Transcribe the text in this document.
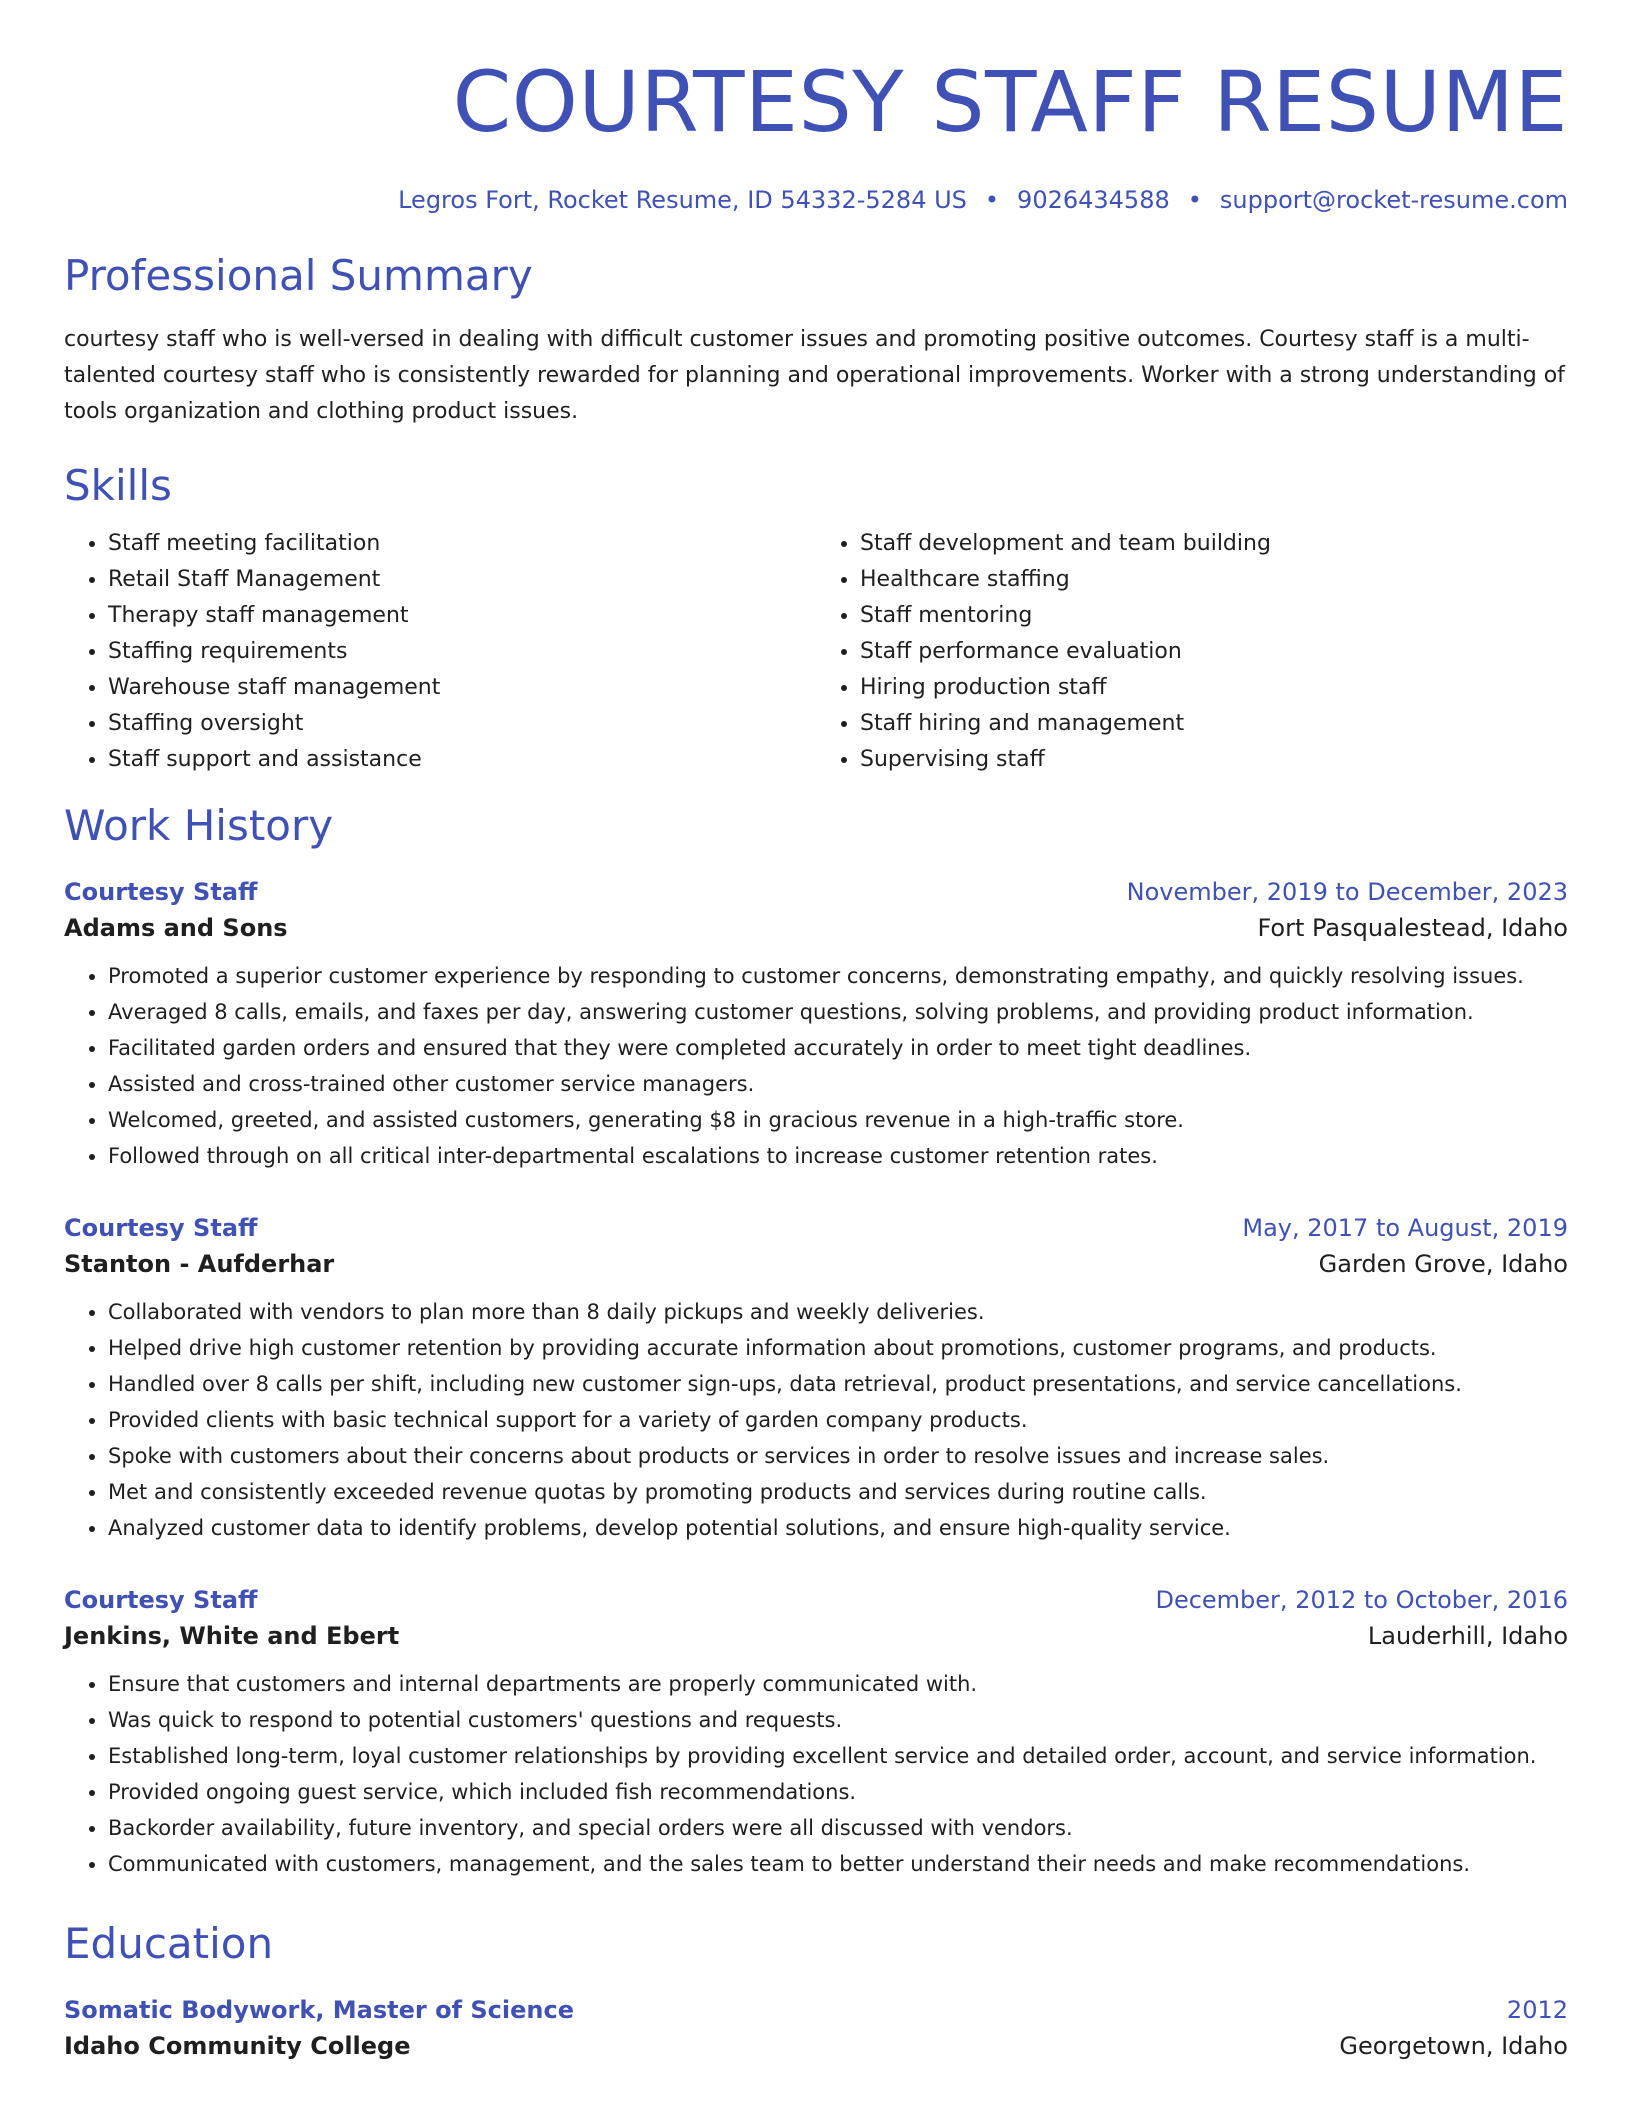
COURTESY STAFF RESUME
Legros Fort, Rocket Resume, ID 54332-5284 US • 9026434588 • support@rocket-resume.com
Professional Summary

courtesy staff who is well-versed in dealing with difficult customer issues and promoting positive outcomes. Courtesy staff is a multi-talented courtesy staff who is consistently rewarded for planning and operational improvements. Worker with a strong understanding of tools organization and clothing product issues.

Skills
• Staff meeting facilitation
• Retail Staff Management
• Therapy staff management
• Staffing requirements
• Warehouse staff management
• Staffing oversight
• Staff support and assistance
• Staff development and team building
• Healthcare staffing
• Staff mentoring
• Staff performance evaluation
• Hiring production staff
• Staff hiring and management
• Supervising staff
Work History
Courtesy Staff	November, 2019 to December, 2023
Adams and Sons	Fort Pasqualestead, Idaho
• Promoted a superior customer experience by responding to customer concerns, demonstrating empathy, and quickly resolving issues.
• Averaged 8 calls, emails, and faxes per day, answering customer questions, solving problems, and providing product information.
• Facilitated garden orders and ensured that they were completed accurately in order to meet tight deadlines.
• Assisted and cross-trained other customer service managers.
• Welcomed, greeted, and assisted customers, generating $8 in gracious revenue in a high-traffic store.
• Followed through on all critical inter-departmental escalations to increase customer retention rates.
Courtesy Staff	May, 2017 to August, 2019
Stanton - Aufderhar	Garden Grove, Idaho
• Collaborated with vendors to plan more than 8 daily pickups and weekly deliveries.
• Helped drive high customer retention by providing accurate information about promotions, customer programs, and products.
• Handled over 8 calls per shift, including new customer sign-ups, data retrieval, product presentations, and service cancellations.
• Provided clients with basic technical support for a variety of garden company products.
• Spoke with customers about their concerns about products or services in order to resolve issues and increase sales.
• Met and consistently exceeded revenue quotas by promoting products and services during routine calls.
• Analyzed customer data to identify problems, develop potential solutions, and ensure high-quality service.
Courtesy Staff	December, 2012 to October, 2016
Jenkins, White and Ebert	Lauderhill, Idaho
• Ensure that customers and internal departments are properly communicated with.
• Was quick to respond to potential customers' questions and requests.
• Established long-term, loyal customer relationships by providing excellent service and detailed order, account, and service information.
• Provided ongoing guest service, which included fish recommendations.
• Backorder availability, future inventory, and special orders were all discussed with vendors.
• Communicated with customers, management, and the sales team to better understand their needs and make recommendations.
Education
Somatic Bodywork, Master of Science	2012
Idaho Community College	Georgetown, Idaho
